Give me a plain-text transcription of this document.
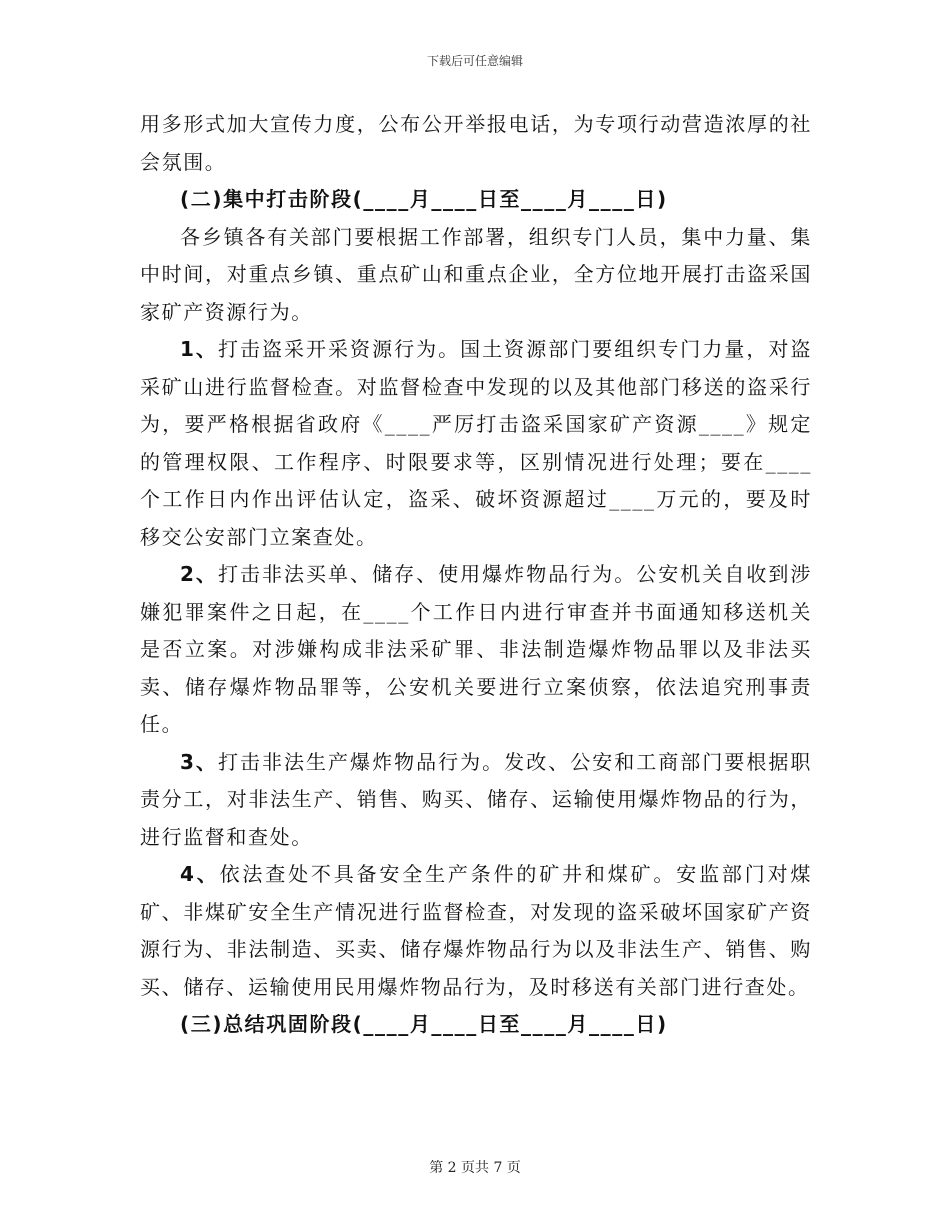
下载后可任意编辑

用多形式加大宣传力度，公布公开举报电话，为专项行动营造浓厚的社会氛围。

(二)集中打击阶段(____月____日至____月____日)

各乡镇各有关部门要根据工作部署，组织专门人员，集中力量、集中时间，对重点乡镇、重点矿山和重点企业，全方位地开展打击盗采国家矿产资源行为。

1、打击盗采开采资源行为。国土资源部门要组织专门力量，对盗采矿山进行监督检查。对监督检查中发现的以及其他部门移送的盗采行为，要严格根据省政府《____严厉打击盗采国家矿产资源____》规定的管理权限、工作程序、时限要求等，区别情况进行处理；要在____个工作日内作出评估认定，盗采、破坏资源超过____万元的，要及时移交公安部门立案查处。

2、打击非法买单、储存、使用爆炸物品行为。公安机关自收到涉嫌犯罪案件之日起，在____个工作日内进行审查并书面通知移送机关是否立案。对涉嫌构成非法采矿罪、非法制造爆炸物品罪以及非法买卖、储存爆炸物品罪等，公安机关要进行立案侦察，依法追究刑事责任。

3、打击非法生产爆炸物品行为。发改、公安和工商部门要根据职责分工，对非法生产、销售、购买、储存、运输使用爆炸物品的行为，进行监督和查处。

4、依法查处不具备安全生产条件的矿井和煤矿。安监部门对煤矿、非煤矿安全生产情况进行监督检查，对发现的盗采破坏国家矿产资源行为、非法制造、买卖、储存爆炸物品行为以及非法生产、销售、购买、储存、运输使用民用爆炸物品行为，及时移送有关部门进行查处。

(三)总结巩固阶段(____月____日至____月____日)

第 2 页共 7 页
